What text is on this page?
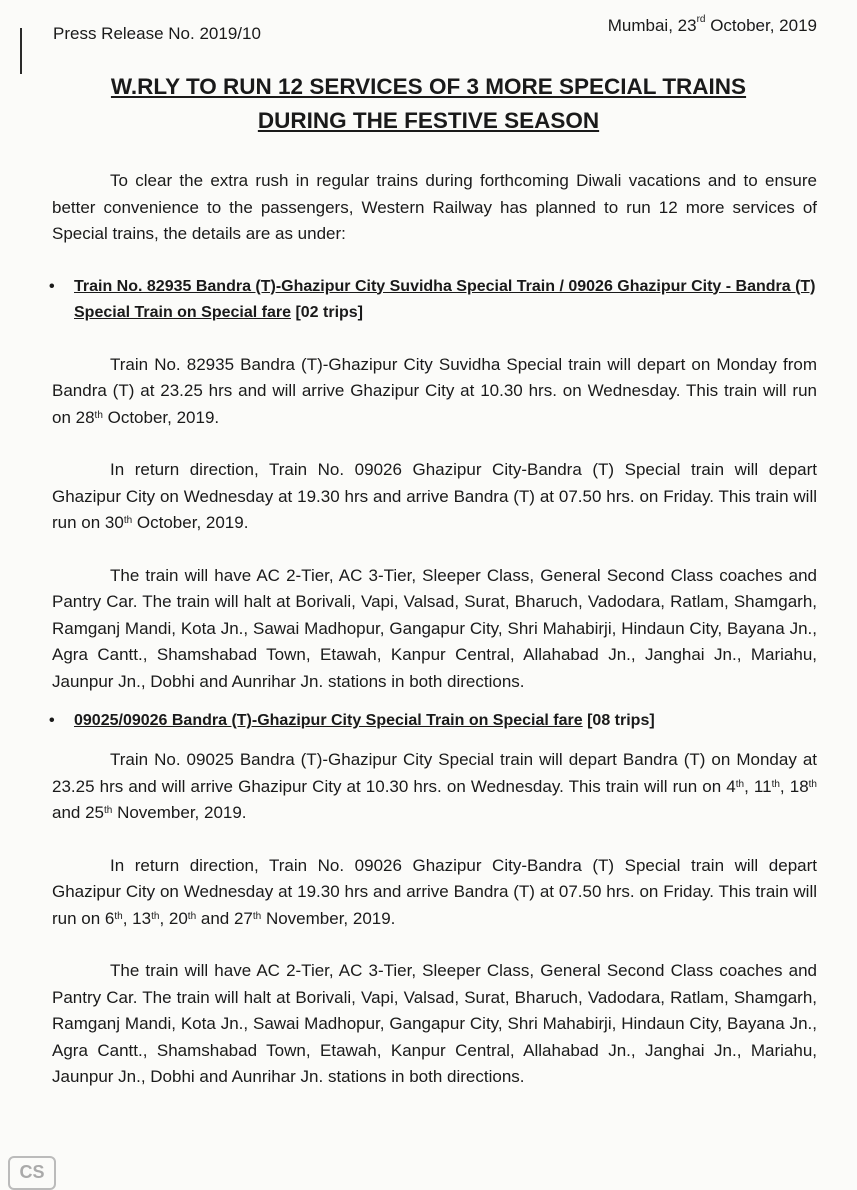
Press Release No. 2019/10	Mumbai, 23rd October, 2019
W.RLY TO RUN 12 SERVICES OF 3 MORE SPECIAL TRAINS
DURING THE FESTIVE SEASON

To clear the extra rush in regular trains during forthcoming Diwali vacations and to ensure better convenience to the passengers, Western Railway has planned to run 12 more services of Special trains, the details are as under:

• Train No. 82935 Bandra (T)-Ghazipur City Suvidha Special Train / 09026 Ghazipur City - Bandra (T) Special Train on Special fare [02 trips]

Train No. 82935 Bandra (T)-Ghazipur City Suvidha Special train will depart on Monday from Bandra (T) at 23.25 hrs and will arrive Ghazipur City at 10.30 hrs. on Wednesday. This train will run on 28th October, 2019.

In return direction, Train No. 09026 Ghazipur City-Bandra (T) Special train will depart Ghazipur City on Wednesday at 19.30 hrs and arrive Bandra (T) at 07.50 hrs. on Friday. This train will run on 30th October, 2019.

The train will have AC 2-Tier, AC 3-Tier, Sleeper Class, General Second Class coaches and Pantry Car. The train will halt at Borivali, Vapi, Valsad, Surat, Bharuch, Vadodara, Ratlam, Shamgarh, Ramganj Mandi, Kota Jn., Sawai Madhopur, Gangapur City, Shri Mahabirji, Hindaun City, Bayana Jn., Agra Cantt., Shamshabad Town, Etawah, Kanpur Central, Allahabad Jn., Janghai Jn., Mariahu, Jaunpur Jn., Dobhi and Aunrihar Jn. stations in both directions.

• 09025/09026 Bandra (T)-Ghazipur City Special Train on Special fare [08 trips]

Train No. 09025 Bandra (T)-Ghazipur City Special train will depart Bandra (T) on Monday at 23.25 hrs and will arrive Ghazipur City at 10.30 hrs. on Wednesday. This train will run on 4th, 11th, 18th and 25th November, 2019.

In return direction, Train No. 09026 Ghazipur City-Bandra (T) Special train will depart Ghazipur City on Wednesday at 19.30 hrs and arrive Bandra (T) at 07.50 hrs. on Friday. This train will run on 6th, 13th, 20th and 27th November, 2019.

The train will have AC 2-Tier, AC 3-Tier, Sleeper Class, General Second Class coaches and Pantry Car. The train will halt at Borivali, Vapi, Valsad, Surat, Bharuch, Vadodara, Ratlam, Shamgarh, Ramganj Mandi, Kota Jn., Sawai Madhopur, Gangapur City, Shri Mahabirji, Hindaun City, Bayana Jn., Agra Cantt., Shamshabad Town, Etawah, Kanpur Central, Allahabad Jn., Janghai Jn., Mariahu, Jaunpur Jn., Dobhi and Aunrihar Jn. stations in both directions.

CS
